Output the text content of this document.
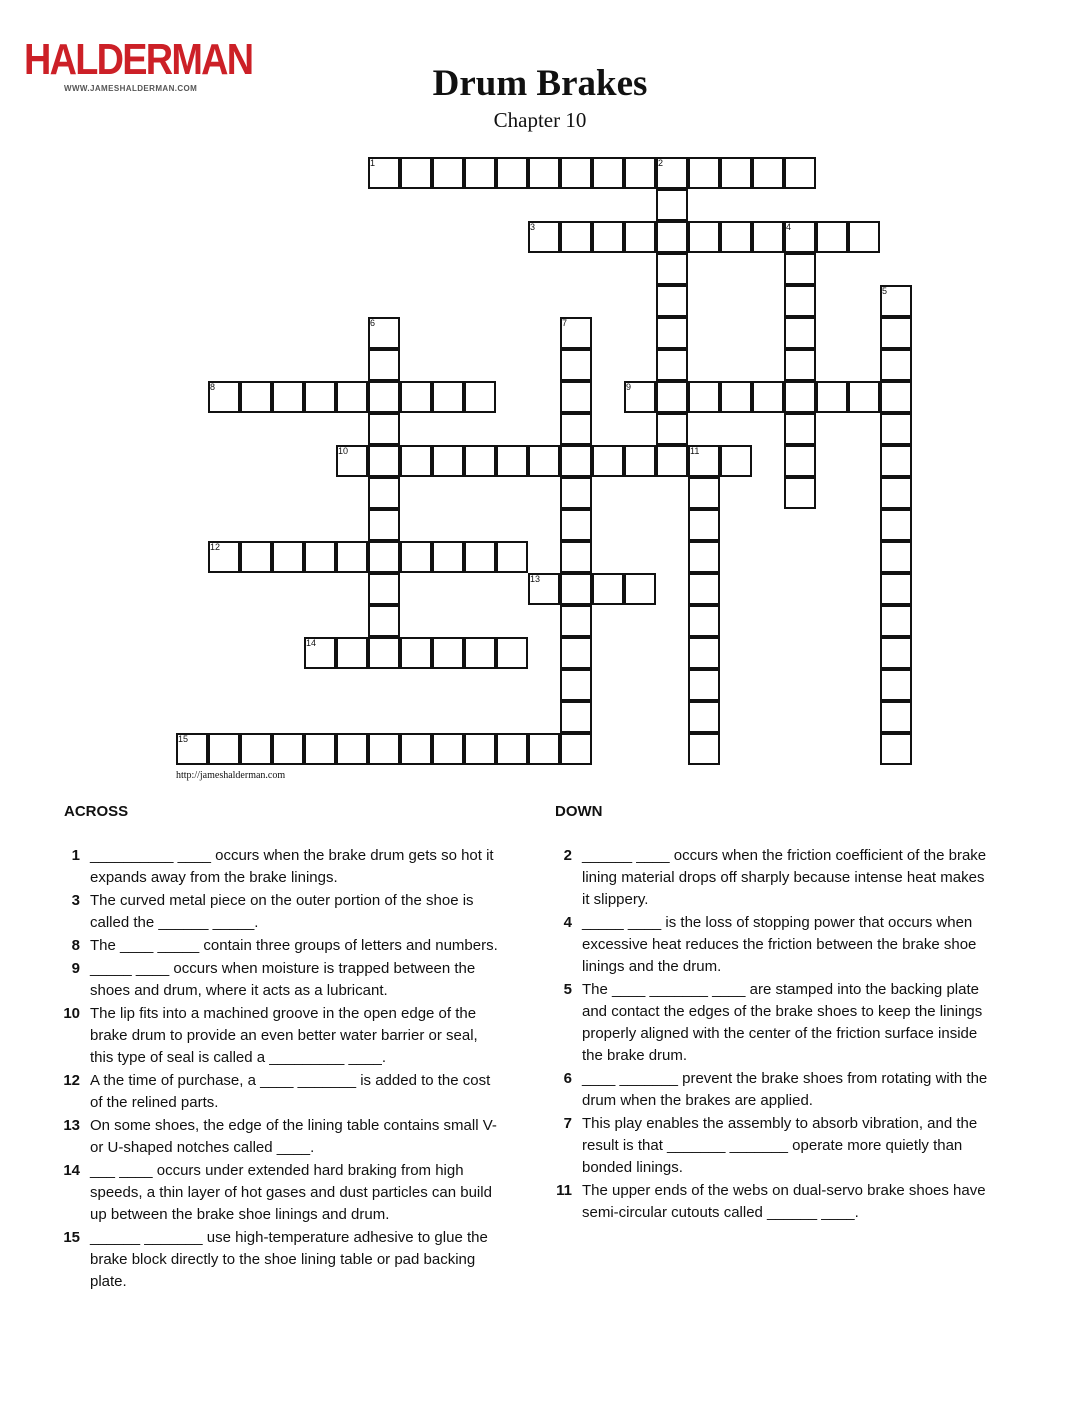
HALDERMAN
WWW.JAMESHALDERMAN.COM	Drum Brakes
Chapter 10
1	2
3	4
5
6	7
8	9
10	11
12
13
14
15
http://jameshalderman.com
ACROSS	DOWN
1 __________ ____ occurs when the brake drum gets so hot it expands away from the brake linings.
3 The curved metal piece on the outer portion of the shoe is called the ______ _____.
8 The ____ _____ contain three groups of letters and numbers.
9 _____ ____ occurs when moisture is trapped between the shoes and drum, where it acts as a lubricant.
10 The lip fits into a machined groove in the open edge of the brake drum to provide an even better water barrier or seal, this type of seal is called a _________ ____.
12 A the time of purchase, a ____ _______ is added to the cost of the relined parts.
13 On some shoes, the edge of the lining table contains small V- or U-shaped notches called ____.
14 ___ ____ occurs under extended hard braking from high speeds, a thin layer of hot gases and dust particles can build up between the brake shoe linings and drum.
15 ______ _______ use high-temperature adhesive to glue the brake block directly to the shoe lining table or pad backing plate.
2 ______ ____ occurs when the friction coefficient of the brake lining material drops off sharply because intense heat makes it slippery.
4 _____ ____ is the loss of stopping power that occurs when excessive heat reduces the friction between the brake shoe linings and the drum.
5 The ____ _______ ____ are stamped into the backing plate and contact the edges of the brake shoes to keep the linings properly aligned with the center of the friction surface inside the brake drum.
6 ____ _______ prevent the brake shoes from rotating with the drum when the brakes are applied.
7 This play enables the assembly to absorb vibration, and the result is that _______ _______ operate more quietly than bonded linings.
11 The upper ends of the webs on dual-servo brake shoes have semi-circular cutouts called ______ ____.
